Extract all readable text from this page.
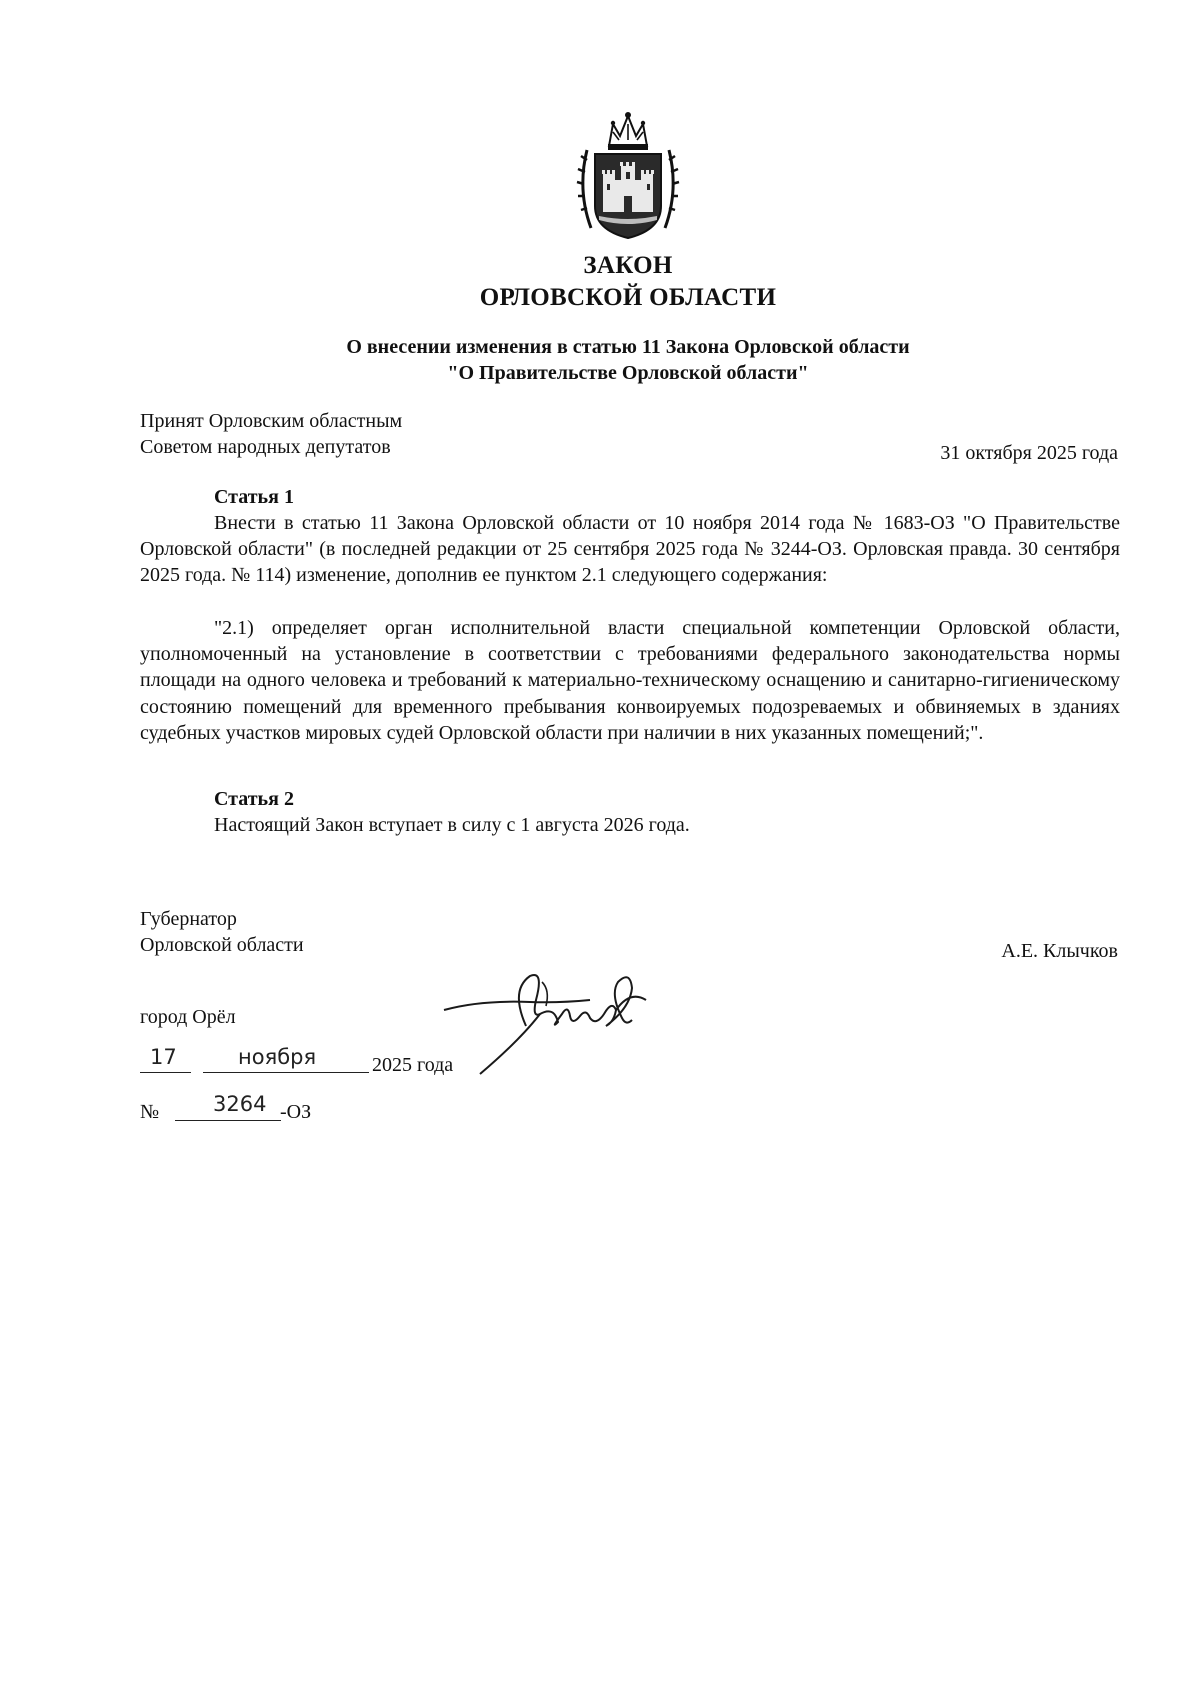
ЗАКОН
ОРЛОВСКОЙ ОБЛАСТИ
О внесении изменения в статью 11 Закона Орловской области
"О Правительстве Орловской области"
Принят Орловским областным
Советом народных депутатов	31 октября 2025 года
Статья 1
Внести в статью 11 Закона Орловской области от 10 ноября 2014 года № 1683-ОЗ "О Правительстве Орловской области" (в последней редакции от 25 сентября 2025 года № 3244-ОЗ. Орловская правда. 30 сентября 2025 года. № 114) изменение, дополнив ее пунктом 2.1 следующего содержания:
"2.1) определяет орган исполнительной власти специальной компетенции Орловской области, уполномоченный на установление в соответствии с требованиями федерального законодательства нормы площади на одного человека и требований к материально-техническому оснащению и санитарно-гигиеническому состоянию помещений для временного пребывания конвоируемых подозреваемых и обвиняемых в зданиях судебных участков мировых судей Орловской области при наличии в них указанных помещений;".
Статья 2
Настоящий Закон вступает в силу с 1 августа 2026 года.
Губернатор
Орловской области	А.Е. Клычков
город Орёл
17	ноября	2025 года
№	3264 -ОЗ
